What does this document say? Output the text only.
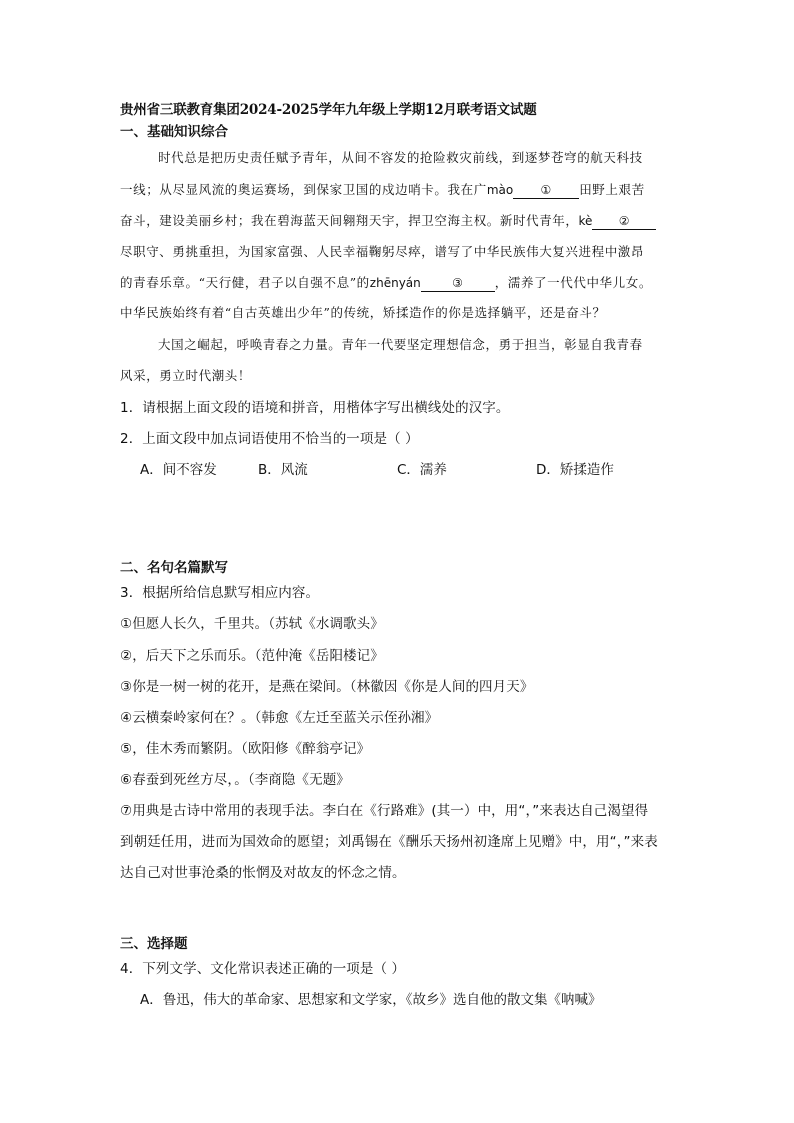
贵州省三联教育集团2024-2025学年九年级上学期12月联考语文试题
一、基础知识综合
时代总是把历史责任赋予青年，从间不容发的抢险救灾前线，到逐梦苍穹的航天科技
一线；从尽显风流的奥运赛场，到保家卫国的戍边哨卡。我在广mào ① 田野上艰苦
奋斗，建设美丽乡村；我在碧海蓝天间翱翔天宇，捍卫空海主权。新时代青年，kè ②
尽职守、勇挑重担，为国家富强、人民幸福鞠躬尽瘁，谱写了中华民族伟大复兴进程中激昂
的青春乐章。“天行健，君子以自强不息”的zhēnyán	③	，濡养了一代代中华儿女。
中华民族始终有着“自古英雄出少年”的传统，矫揉造作的你是选择躺平，还是奋斗？
大国之崛起，呼唤青春之力量。青年一代要坚定理想信念，勇于担当，彰显自我青春
风采，勇立时代潮头！
1．请根据上面文段的语境和拼音，用楷体字写出横线处的汉字。
2．上面文段中加点词语使用不恰当的一项是（ ）
A．间不容发	B．风流	C．濡养	D．矫揉造作
二、名句名篇默写
3．根据所给信息默写相应内容。
①但愿人长久，千里共。（苏轼《水调歌头》
②，后天下之乐而乐。（范仲淹《岳阳楼记》
③你是一树一树的花开，是燕在梁间。（林徽因《你是人间的四月天》
④云横秦岭家何在？。（韩愈《左迁至蓝关示侄孙湘》
⑤，佳木秀而繁阴。（欧阳修《醉翁亭记》
⑥春蚕到死丝方尽，。（李商隐《无题》
⑦用典是古诗中常用的表现手法。李白在《行路难》(其一）中，用“，”来表达自己渴望得
到朝廷任用，进而为国效命的愿望；刘禹锡在《酬乐天扬州初逢席上见赠》中，用“，”来表
达自己对世事沧桑的怅惘及对故友的怀念之情。
三、选择题
4．下列文学、文化常识表述正确的一项是（ ）
A．鲁迅，伟大的革命家、思想家和文学家，《故乡》选自他的散文集《呐喊》
